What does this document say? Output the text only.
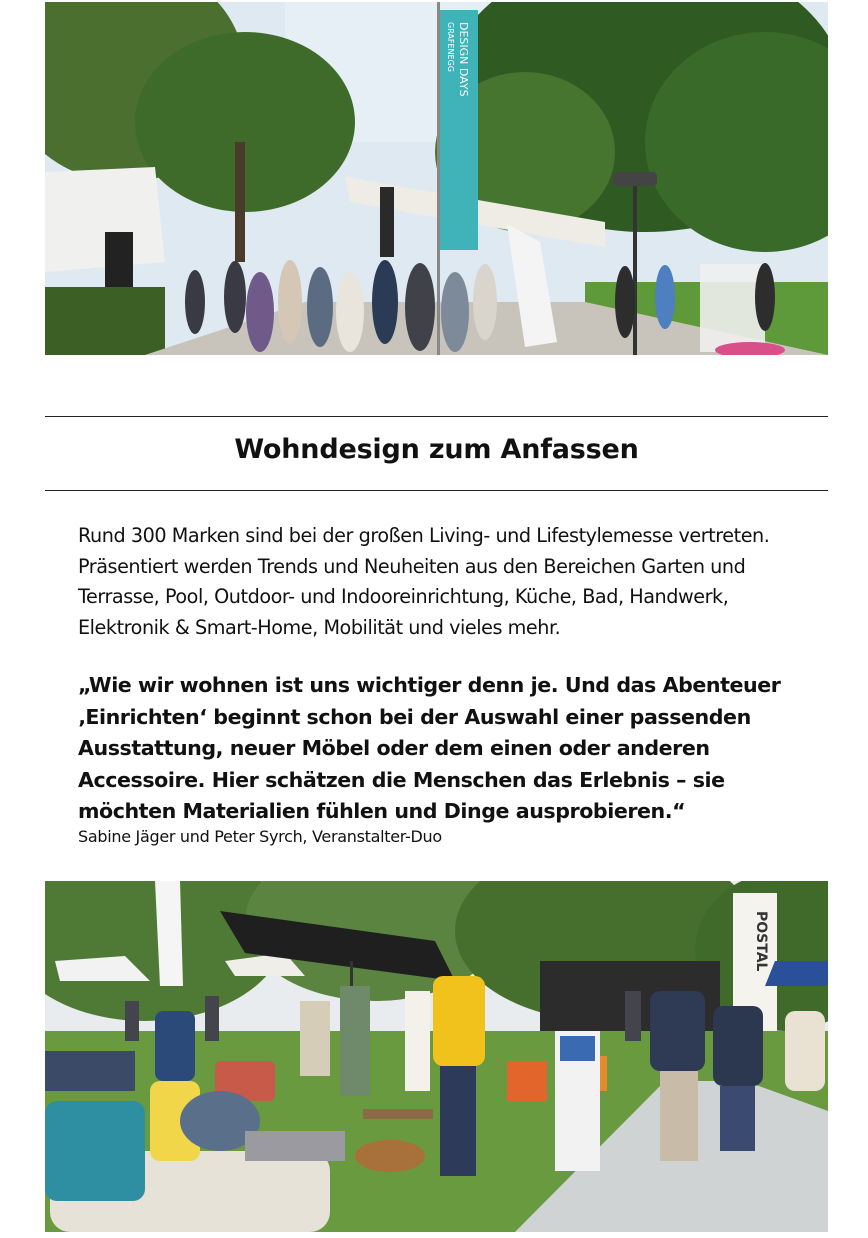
DESIGN DAYS
GRAFENEGG
Wohndesign zum Anfassen

Rund 300 Marken sind bei der großen Living- und Lifestylemesse vertreten. Präsentiert werden Trends und Neuheiten aus den Bereichen Garten und Terrasse, Pool, Outdoor- und Indooreinrichtung, Küche, Bad, Handwerk, Elektronik & Smart-Home, Mobilität und vieles mehr.

„Wie wir wohnen ist uns wichtiger denn je. Und das Abenteuer ‚Einrichten‘ beginnt schon bei der Auswahl einer passenden Ausstattung, neuer Möbel oder dem einen oder anderen Accessoire. Hier schätzen die Menschen das Erlebnis – sie möchten Materialien fühlen und Dinge ausprobieren.“

Sabine Jäger und Peter Syrch, Veranstalter-Duo

POSTAL
